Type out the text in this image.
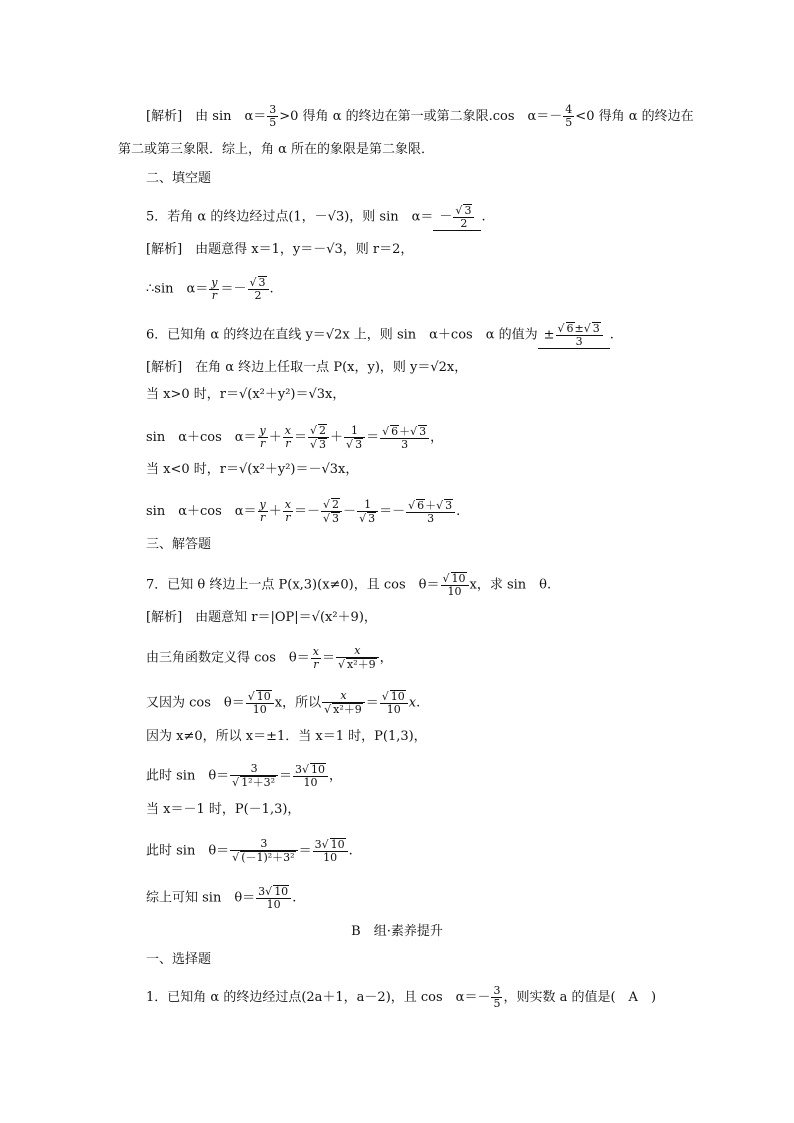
[解析]　由 sin　$\alpha= \frac{3}{5} >0$ 得角 α 的终边在第一或第二象限.cos　$\alpha=- \frac{4}{5} <0$ 得角 α 的终边在
第二或第三象限．综上，角 α 所在的象限是第二象限．
二、填空题
5．若角 α 的终边经过点(1，－√3)，则 sin　$\alpha= - \frac{√ 3}{2}$ .
[解析]　由题意得 x＝1，y＝－√3，则 r＝2，
∴sin　$\alpha= \frac{y}{r} =- \frac{√ 3}{2}$ .
6．已知角 α 的终边在直线 y＝√2x 上，则 sin　α＋cos　α 的值为 ± $\frac{√ 6\pm√ 3}{3}$ .
[解析]　在角 α 终边上任取一点 P(x，y)，则 y＝√2x，
当 x>0 时，r＝√(x²＋y²)＝√3x，
sin　α＋cos　$\alpha= \frac{y}{r} + \frac{x}{r} = \frac{√ 2}{√ 3} + \frac{1}{√ 3} = \frac{√ 6+√ 3}{3}$ ，
当 x<0 时，r＝√(x²＋y²)＝－√3x，
sin　α＋cos　$\alpha= \frac{y}{r} + \frac{x}{r} =- \frac{√ 2}{√ 3} - \frac{1}{√ 3} =- \frac{√ 6+√ 3}{3}$ .
三、解答题
7．已知 θ 终边上一点 P(x,3)(x≠0)，且 cos　$\theta= \frac{√ 10}{10}$ x，求 sin　θ.
[解析]　由题意知 r＝|OP|＝√(x²＋9)，
由三角函数定义得 cos　$\theta= \frac{x}{r} = \frac{x}{\text{√ x²＋9}}$ ，
又因为 cos　$\theta= \frac{√ 10}{10}$ x，所以 $\frac{x}{\text{√ x²＋9}} = \frac{√ 10}{10} x$.
因为 x≠0，所以 x＝±1．当 x＝1 时，P(1,3)，
此时 sin　$\theta= \frac{3}{\text{√ 1²＋3²}} = \frac{3√ 10}{10}$ ，
当 x＝－1 时，P(－1,3)，
此时 sin　$\theta= \frac{3}{\text{√ (－1)²＋3²}} = \frac{3√ 10}{10}$ .
综上可知 sin　$\theta= \frac{3√ 10}{10}$ .
B　组·素养提升
一、选择题
1．已知角 α 的终边经过点(2a＋1，a－2)，且 cos　$\alpha=- \frac{3}{5}$ ，则实数 a 的值是(　A　)
